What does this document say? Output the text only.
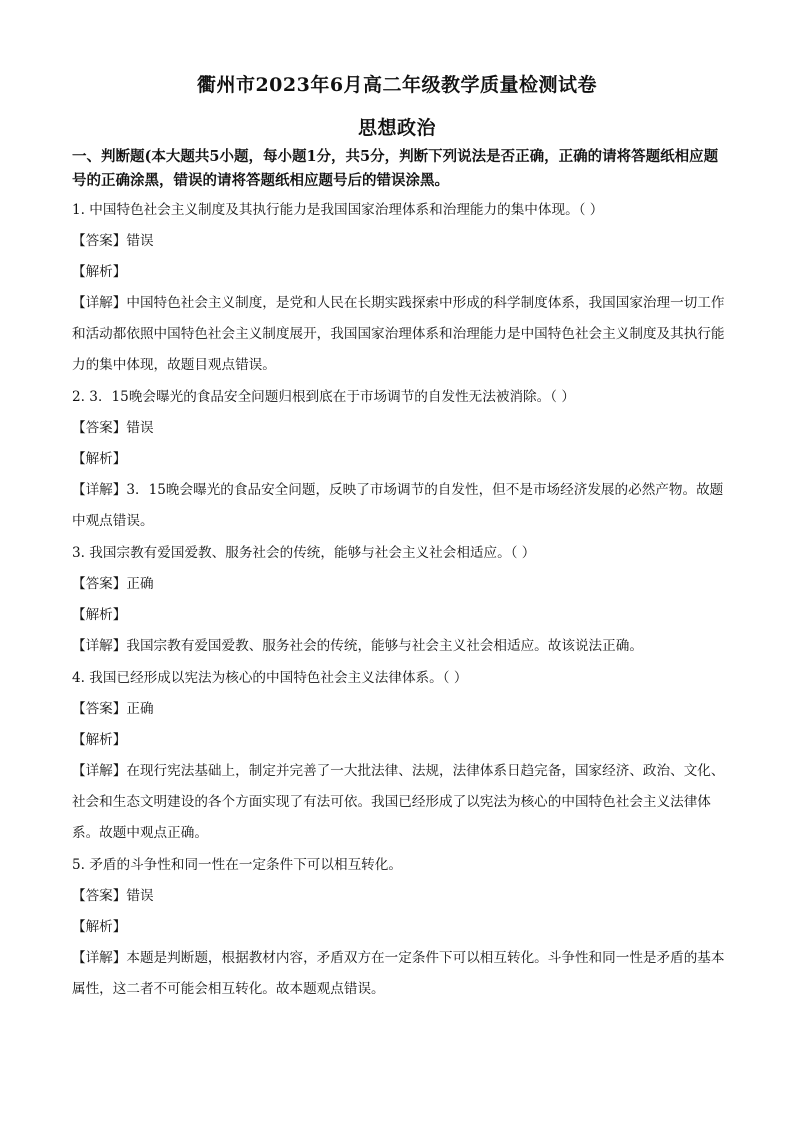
衢州市2023年6月高二年级教学质量检测试卷
思想政治
一、判断题(本大题共5小题，每小题1分，共5分，判断下列说法是否正确，正确的请将答题纸相应题号的正确涂黑，错误的请将答题纸相应题号后的错误涂黑。
1. 中国特色社会主义制度及其执行能力是我国国家治理体系和治理能力的集中体现。（ ）
【答案】错误
【解析】
【详解】中国特色社会主义制度，是党和人民在长期实践探索中形成的科学制度体系，我国国家治理一切工作和活动都依照中国特色社会主义制度展开，我国国家治理体系和治理能力是中国特色社会主义制度及其执行能力的集中体现，故题目观点错误。
2. 3．15晚会曝光的食品安全问题归根到底在于市场调节的自发性无法被消除。（ ）
【答案】错误
【解析】
【详解】3．15晚会曝光的食品安全问题，反映了市场调节的自发性，但不是市场经济发展的必然产物。故题中观点错误。
3. 我国宗教有爱国爱教、服务社会的传统，能够与社会主义社会相适应。（ ）
【答案】正确
【解析】
【详解】我国宗教有爱国爱教、服务社会的传统，能够与社会主义社会相适应。故该说法正确。
4. 我国已经形成以宪法为核心的中国特色社会主义法律体系。（ ）
【答案】正确
【解析】
【详解】在现行宪法基础上，制定并完善了一大批法律、法规，法律体系日趋完备，国家经济、政治、文化、社会和生态文明建设的各个方面实现了有法可依。我国已经形成了以宪法为核心的中国特色社会主义法律体系。故题中观点正确。
5. 矛盾的斗争性和同一性在一定条件下可以相互转化。
【答案】错误
【解析】
【详解】本题是判断题，根据教材内容，矛盾双方在一定条件下可以相互转化。斗争性和同一性是矛盾的基本属性，这二者不可能会相互转化。故本题观点错误。
